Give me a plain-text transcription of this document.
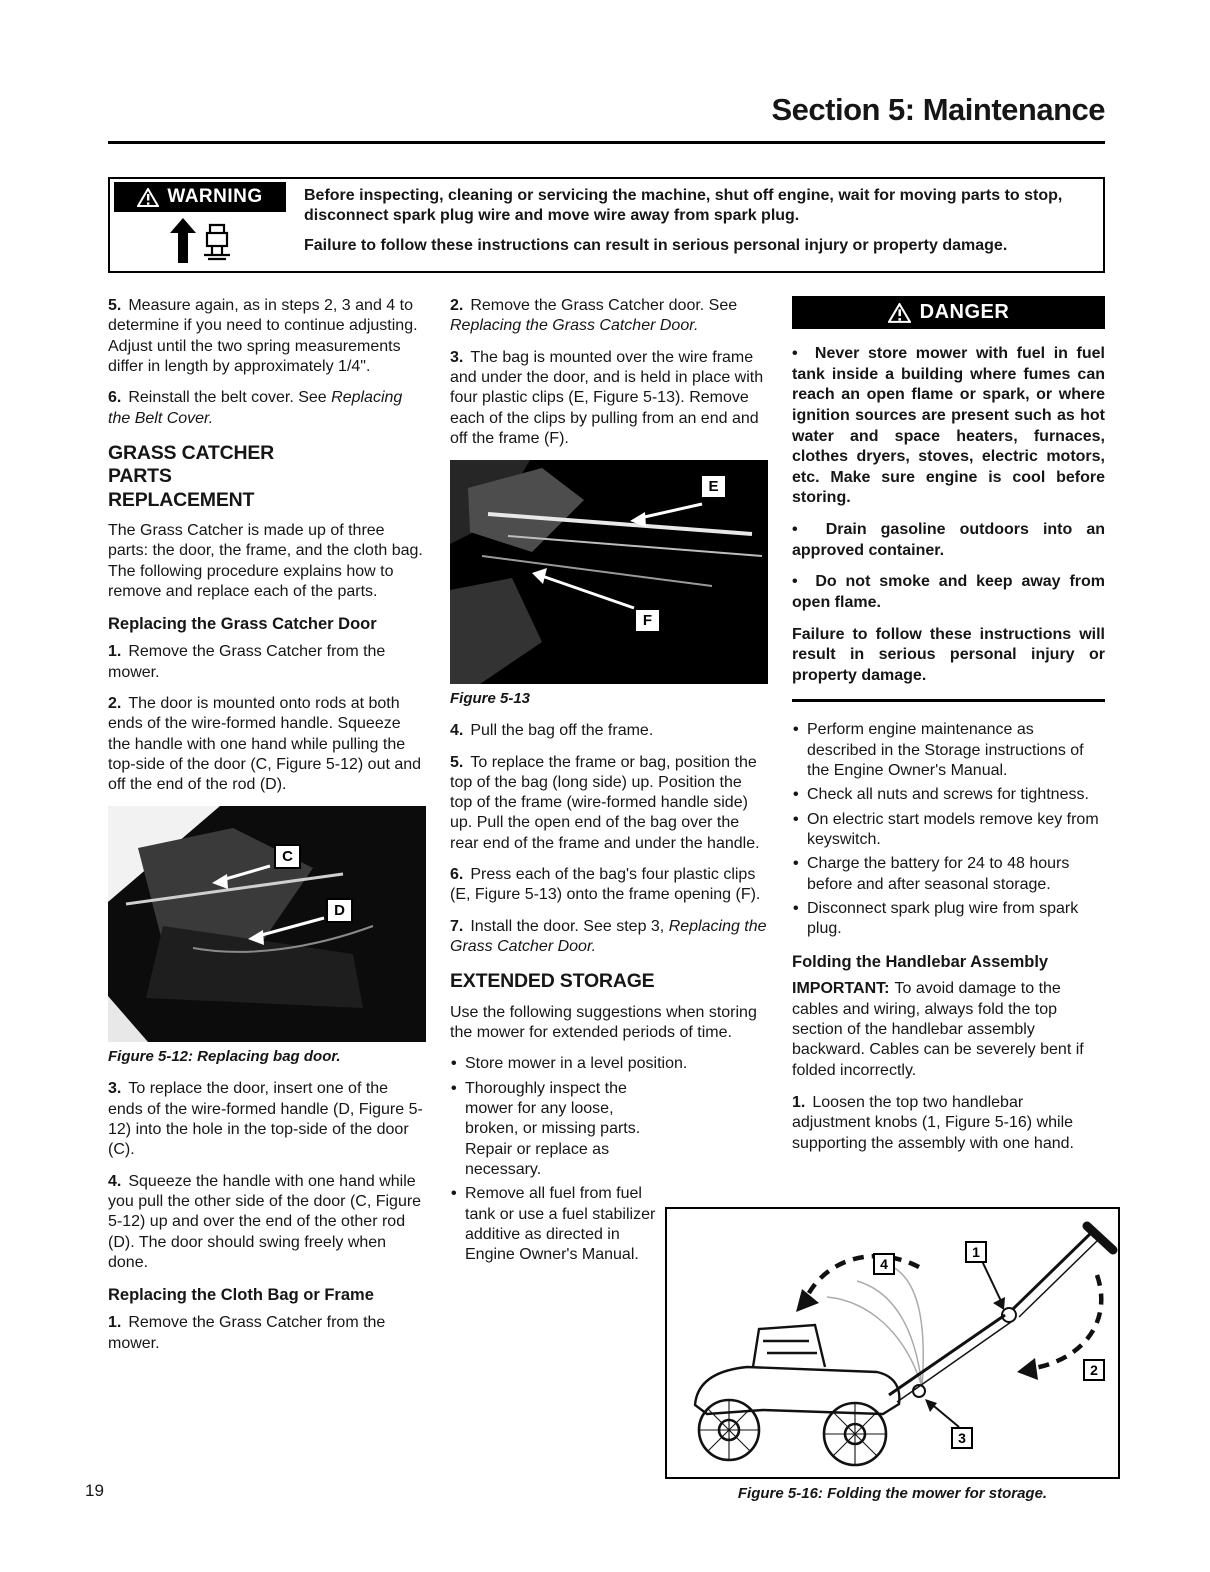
Section 5: Maintenance
WARNING	Before inspecting, cleaning or servicing the machine, shut off engine, wait for moving parts to stop, disconnect spark plug wire and move wire away from spark plug.

Failure to follow these instructions can result in serious personal injury or property damage.

5. Measure again, as in steps 2, 3 and 4 to determine if you need to continue adjusting. Adjust until the two spring measurements differ in length by approximately 1/4".

6. Reinstall the belt cover. See Replacing the Belt Cover.

GRASS CATCHER PARTS REPLACEMENT

The Grass Catcher is made up of three parts: the door, the frame, and the cloth bag. The following procedure explains how to remove and replace each of the parts.

Replacing the Grass Catcher Door

1. Remove the Grass Catcher from the mower.

2. The door is mounted onto rods at both ends of the wire-formed handle. Squeeze the handle with one hand while pulling the top-side of the door (C, Figure 5-12) out and off the end of the rod (D).

C
D
Figure 5-12: Replacing bag door.

3. To replace the door, insert one of the ends of the wire-formed handle (D, Figure 5-12) into the hole in the top-side of the door (C).

4. Squeeze the handle with one hand while you pull the other side of the door (C, Figure 5-12) up and over the end of the other rod (D). The door should swing freely when done.

Replacing the Cloth Bag or Frame

1. Remove the Grass Catcher from the mower.

2. Remove the Grass Catcher door. See Replacing the Grass Catcher Door.

3. The bag is mounted over the wire frame and under the door, and is held in place with four plastic clips (E, Figure 5-13). Remove each of the clips by pulling from an end and off the frame (F).

E
F
Figure 5-13

4. Pull the bag off the frame.

5. To replace the frame or bag, position the top of the bag (long side) up. Position the top of the frame (wire-formed handle side) up. Pull the open end of the bag over the rear end of the frame and under the handle.

6. Press each of the bag's four plastic clips (E, Figure 5-13) onto the frame opening (F).

7. Install the door. See step 3, Replacing the Grass Catcher Door.

EXTENDED STORAGE

Use the following suggestions when storing the mower for extended periods of time.

• Store mower in a level position.
• Thoroughly inspect the mower for any loose, broken, or missing parts. Repair or replace as necessary.
• Remove all fuel from fuel tank or use a fuel stabilizer additive as directed in Engine Owner's Manual.
DANGER

•  Never store mower with fuel in fuel tank inside a building where fumes can reach an open flame or spark, or where ignition sources are present such as hot water and space heaters, furnaces, clothes dryers, stoves, electric motors, etc. Make sure engine is cool before storing.

•  Drain gasoline outdoors into an approved container.

•  Do not smoke and keep away from open flame.

Failure to follow these instructions will result in serious personal injury or property damage.

• Perform engine maintenance as described in the Storage instructions of the Engine Owner's Manual.
• Check all nuts and screws for tightness.
• On electric start models remove key from keyswitch.
• Charge the battery for 24 to 48 hours before and after seasonal storage.
• Disconnect spark plug wire from spark plug.
Folding the Handlebar Assembly

IMPORTANT: To avoid damage to the cables and wiring, always fold the top section of the handlebar assembly backward. Cables can be severely bent if folded incorrectly.

1. Loosen the top two handlebar adjustment knobs (1, Figure 5-16) while supporting the assembly with one hand.

1
2
3
4
Figure 5-16: Folding the mower for storage.
19
